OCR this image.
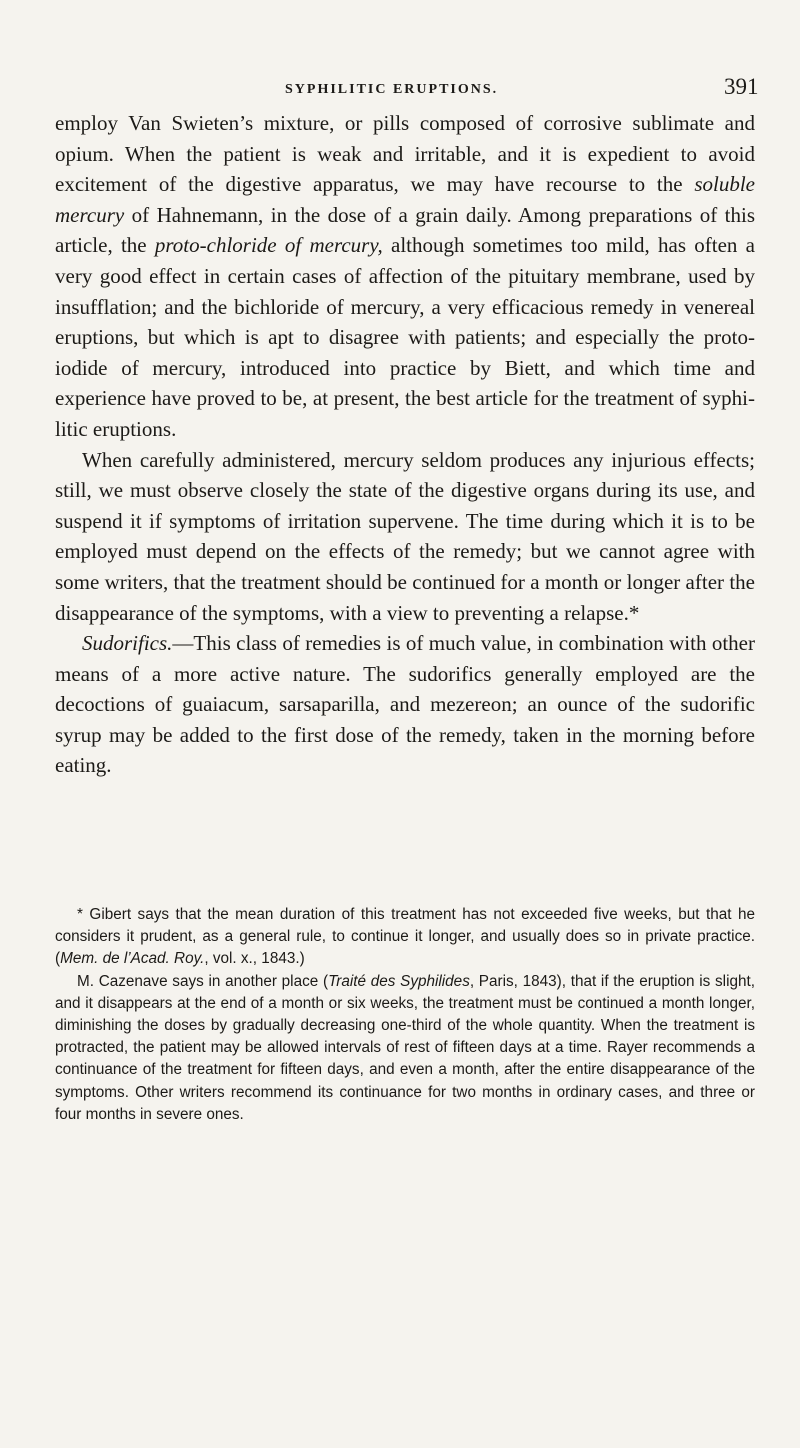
SYPHILITIC ERUPTIONS.	391

employ Van Swieten’s mixture, or pills composed of corrosive sublimate and opium. When the patient is weak and irritable, and it is expedient to avoid excitement of the digestive apparatus, we may have recourse to the soluble mercury of Hahnemann, in the dose of a grain daily. Among preparations of this article, the proto-chloride of mercury, although sometimes too mild, has often a very good effect in certain cases of affection of the pituitary membrane, used by insufflation; and the bichloride of mercury, a very efficacious remedy in venereal eruptions, but which is apt to disagree with patients; and especially the proto-iodide of mercury, introduced into practice by Biett, and which time and experience have proved to be, at present, the best article for the treatment of syphilitic eruptions.

When carefully administered, mercury seldom produces any injurious effects; still, we must observe closely the state of the digestive organs during its use, and suspend it if symptoms of irritation supervene. The time during which it is to be employed must depend on the effects of the remedy; but we cannot agree with some writers, that the treatment should be continued for a month or longer after the disappearance of the symptoms, with a view to preventing a relapse.*

Sudorifics.—This class of remedies is of much value, in combination with other means of a more active nature. The sudorifics generally employed are the decoctions of guaiacum, sarsaparilla, and mezereon; an ounce of the sudorific syrup may be added to the first dose of the remedy, taken in the morning before eating.

* Gibert says that the mean duration of this treatment has not exceeded five weeks, but that he considers it prudent, as a general rule, to continue it longer, and usually does so in private practice. (Mem. de l’Acad. Roy., vol. x., 1843.)

M. Cazenave says in another place (Traité des Syphilides, Paris, 1843), that if the eruption is slight, and it disappears at the end of a month or six weeks, the treatment must be continued a month longer, diminishing the doses by gradually decreasing one-third of the whole quantity. When the treatment is protracted, the patient may be allowed intervals of rest of fifteen days at a time. Rayer recommends a continuance of the treatment for fifteen days, and even a month, after the entire disappearance of the symptoms. Other writers recommend its continuance for two months in ordinary cases, and three or four months in severe ones.
